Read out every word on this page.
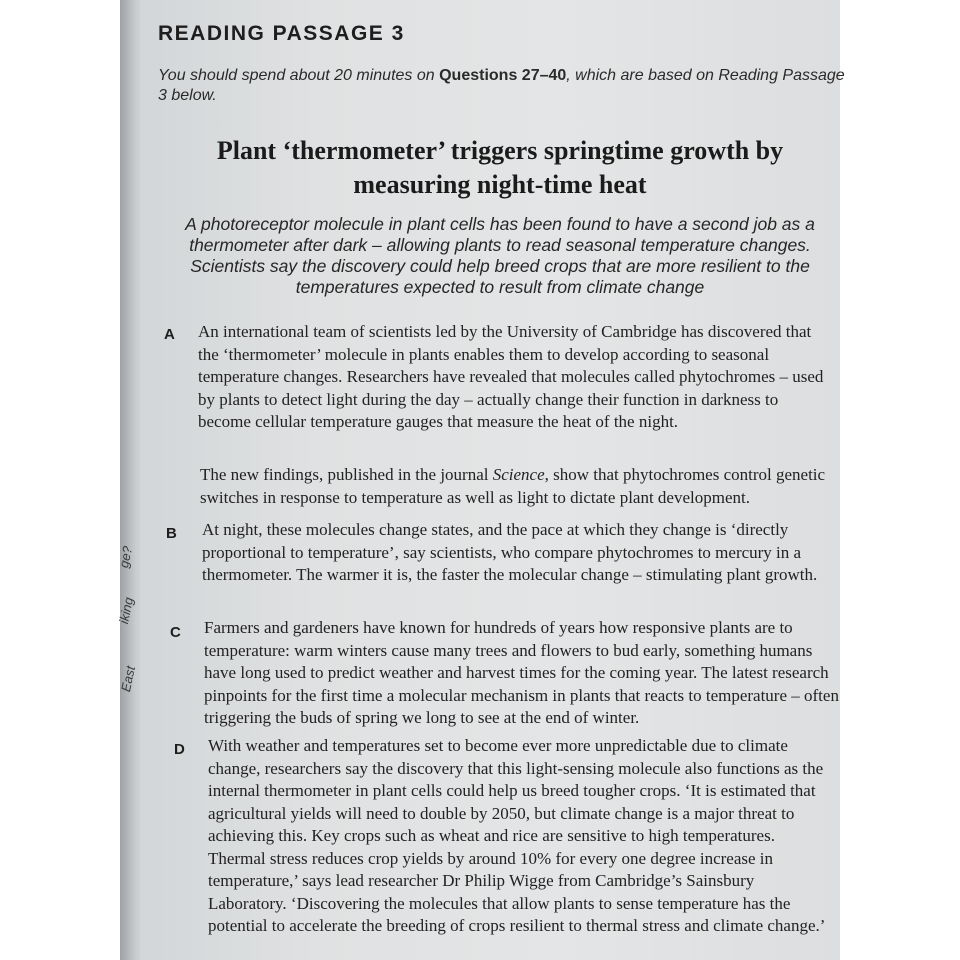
ge?
iking
East
READING PASSAGE 3

You should spend about 20 minutes on Questions 27–40, which are based on Reading Passage 3 below.

Plant ‘thermometer’ triggers springtime growth by measuring night-time heat

A photoreceptor molecule in plant cells has been found to have a second job as a thermometer after dark – allowing plants to read seasonal temperature changes. Scientists say the discovery could help breed crops that are more resilient to the temperatures expected to result from climate change

A An international team of scientists led by the University of Cambridge has discovered that the ‘thermometer’ molecule in plants enables them to develop according to seasonal temperature changes. Researchers have revealed that molecules called phytochromes – used by plants to detect light during the day – actually change their function in darkness to become cellular temperature gauges that measure the heat of the night.

The new findings, published in the journal Science, show that phytochromes control genetic switches in response to temperature as well as light to dictate plant development.

B At night, these molecules change states, and the pace at which they change is ‘directly proportional to temperature’, say scientists, who compare phytochromes to mercury in a thermometer. The warmer it is, the faster the molecular change – stimulating plant growth.

C Farmers and gardeners have known for hundreds of years how responsive plants are to temperature: warm winters cause many trees and flowers to bud early, something humans have long used to predict weather and harvest times for the coming year. The latest research pinpoints for the first time a molecular mechanism in plants that reacts to temperature – often triggering the buds of spring we long to see at the end of winter.

D With weather and temperatures set to become ever more unpredictable due to climate change, researchers say the discovery that this light-sensing molecule also functions as the internal thermometer in plant cells could help us breed tougher crops. ‘It is estimated that agricultural yields will need to double by 2050, but climate change is a major threat to achieving this. Key crops such as wheat and rice are sensitive to high temperatures. Thermal stress reduces crop yields by around 10% for every one degree increase in temperature,’ says lead researcher Dr Philip Wigge from Cambridge’s Sainsbury Laboratory. ‘Discovering the molecules that allow plants to sense temperature has the potential to accelerate the breeding of crops resilient to thermal stress and climate change.’
